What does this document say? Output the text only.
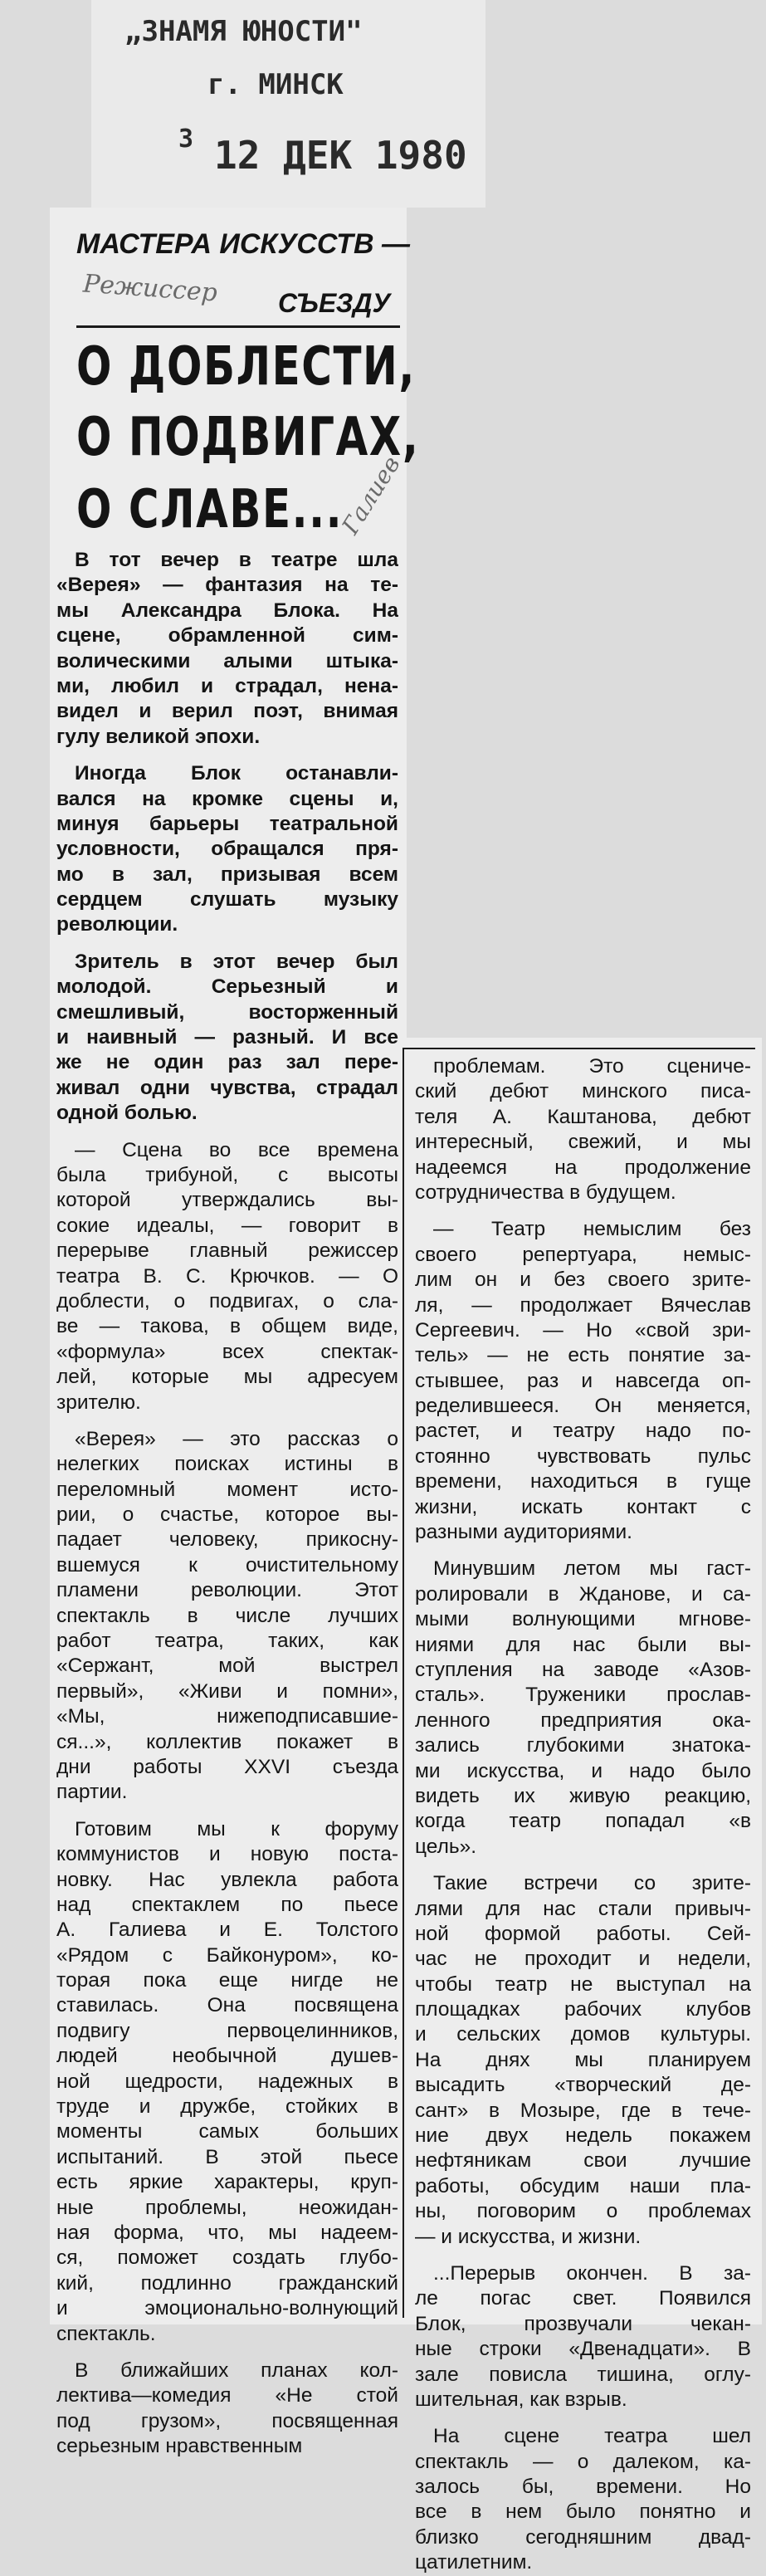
„ЗНАМЯ ЮНОСТИ"
г. МИНСК
3 12 ДЕК 1980
МАСТЕРА ИСКУССТВ —
СЪЕЗДУ
Режиссер
Галиев
О ДОБЛЕСТИ,
О ПОДВИГАХ,
О СЛАВЕ...
В тот вечер в театре шла
«Верея» — фантазия на те-
мы Александра Блока. На
сцене, обрамленной сим-
волическими алыми штыка-
ми, любил и страдал, нена-
видел и верил поэт, внимая
гулу великой эпохи.
Иногда Блок останавли-
вался на кромке сцены и,
минуя барьеры театральной
условности, обращался пря-
мо в зал, призывая всем
сердцем слушать музыку
революции.
Зритель в этот вечер был
молодой. Серьезный и
смешливый, восторженный
и наивный — разный. И все
же не один раз зал пере-
живал одни чувства, страдал
одной болью.
— Сцена во все времена
была трибуной, с высоты
которой утверждались вы-
сокие идеалы, — говорит в
перерыве главный режиссер
театра В. С. Крючков. — О
доблести, о подвигах, о сла-
ве — такова, в общем виде,
«формула» всех спектак-
лей, которые мы адресуем
зрителю.
«Верея» — это рассказ о
нелегких поисках истины в
переломный момент исто-
рии, о счастье, которое вы-
падает человеку, прикосну-
вшемуся к очистительному
пламени революции. Этот
спектакль в числе лучших
работ театра, таких, как
«Сержант, мой выстрел
первый», «Живи и помни»,
«Мы, нижеподписавшие-
ся...», коллектив покажет в
дни работы XXVI съезда
партии.
Готовим мы к форуму
коммунистов и новую поста-
новку. Нас увлекла работа
над спектаклем по пьесе
А. Галиева и Е. Толстого
«Рядом с Байконуром», ко-
торая пока еще нигде не
ставилась. Она посвящена
подвигу первоцелинников,
людей необычной душев-
ной щедрости, надежных в
труде и дружбе, стойких в
моменты самых больших
испытаний. В этой пьесе
есть яркие характеры, круп-
ные проблемы, неожидан-
ная форма, что, мы надеем-
ся, поможет создать глубо-
кий, подлинно гражданский
и эмоционально-волнующий
спектакль.
В ближайших планах кол-
лектива—комедия «Не стой
под грузом», посвященная
серьезным нравственным
проблемам. Это сцениче-
ский дебют минского писа-
теля А. Каштанова, дебют
интересный, свежий, и мы
надеемся на продолжение
сотрудничества в будущем.
— Театр немыслим без
своего репертуара, немыс-
лим он и без своего зрите-
ля, — продолжает Вячеслав
Сергеевич. — Но «свой зри-
тель» — не есть понятие за-
стывшее, раз и навсегда оп-
ределившееся. Он меняется,
растет, и театру надо по-
стоянно чувствовать пульс
времени, находиться в гуще
жизни, искать контакт с
разными аудиториями.
Минувшим летом мы гаст-
ролировали в Жданове, и са-
мыми волнующими мгнове-
ниями для нас были вы-
ступления на заводе «Азов-
сталь». Труженики прослав-
ленного предприятия ока-
зались глубокими знатока-
ми искусства, и надо было
видеть их живую реакцию,
когда театр попадал «в
цель».
Такие встречи со зрите-
лями для нас стали привыч-
ной формой работы. Сей-
час не проходит и недели,
чтобы театр не выступал на
площадках рабочих клубов
и сельских домов культуры.
На днях мы планируем
высадить «творческий де-
сант» в Мозыре, где в тече-
ние двух недель покажем
нефтяникам свои лучшие
работы, обсудим наши пла-
ны, поговорим о проблемах
— и искусства, и жизни.
...Перерыв окончен. В за-
ле погас свет. Появился
Блок, прозвучали чекан-
ные строки «Двенадцати». В
зале повисла тишина, оглу-
шительная, как взрыв.
На сцене театра шел
спектакль — о далеком, ка-
залось бы, времени. Но
все в нем было понятно и
близко сегодняшним двад-
цатилетним.
